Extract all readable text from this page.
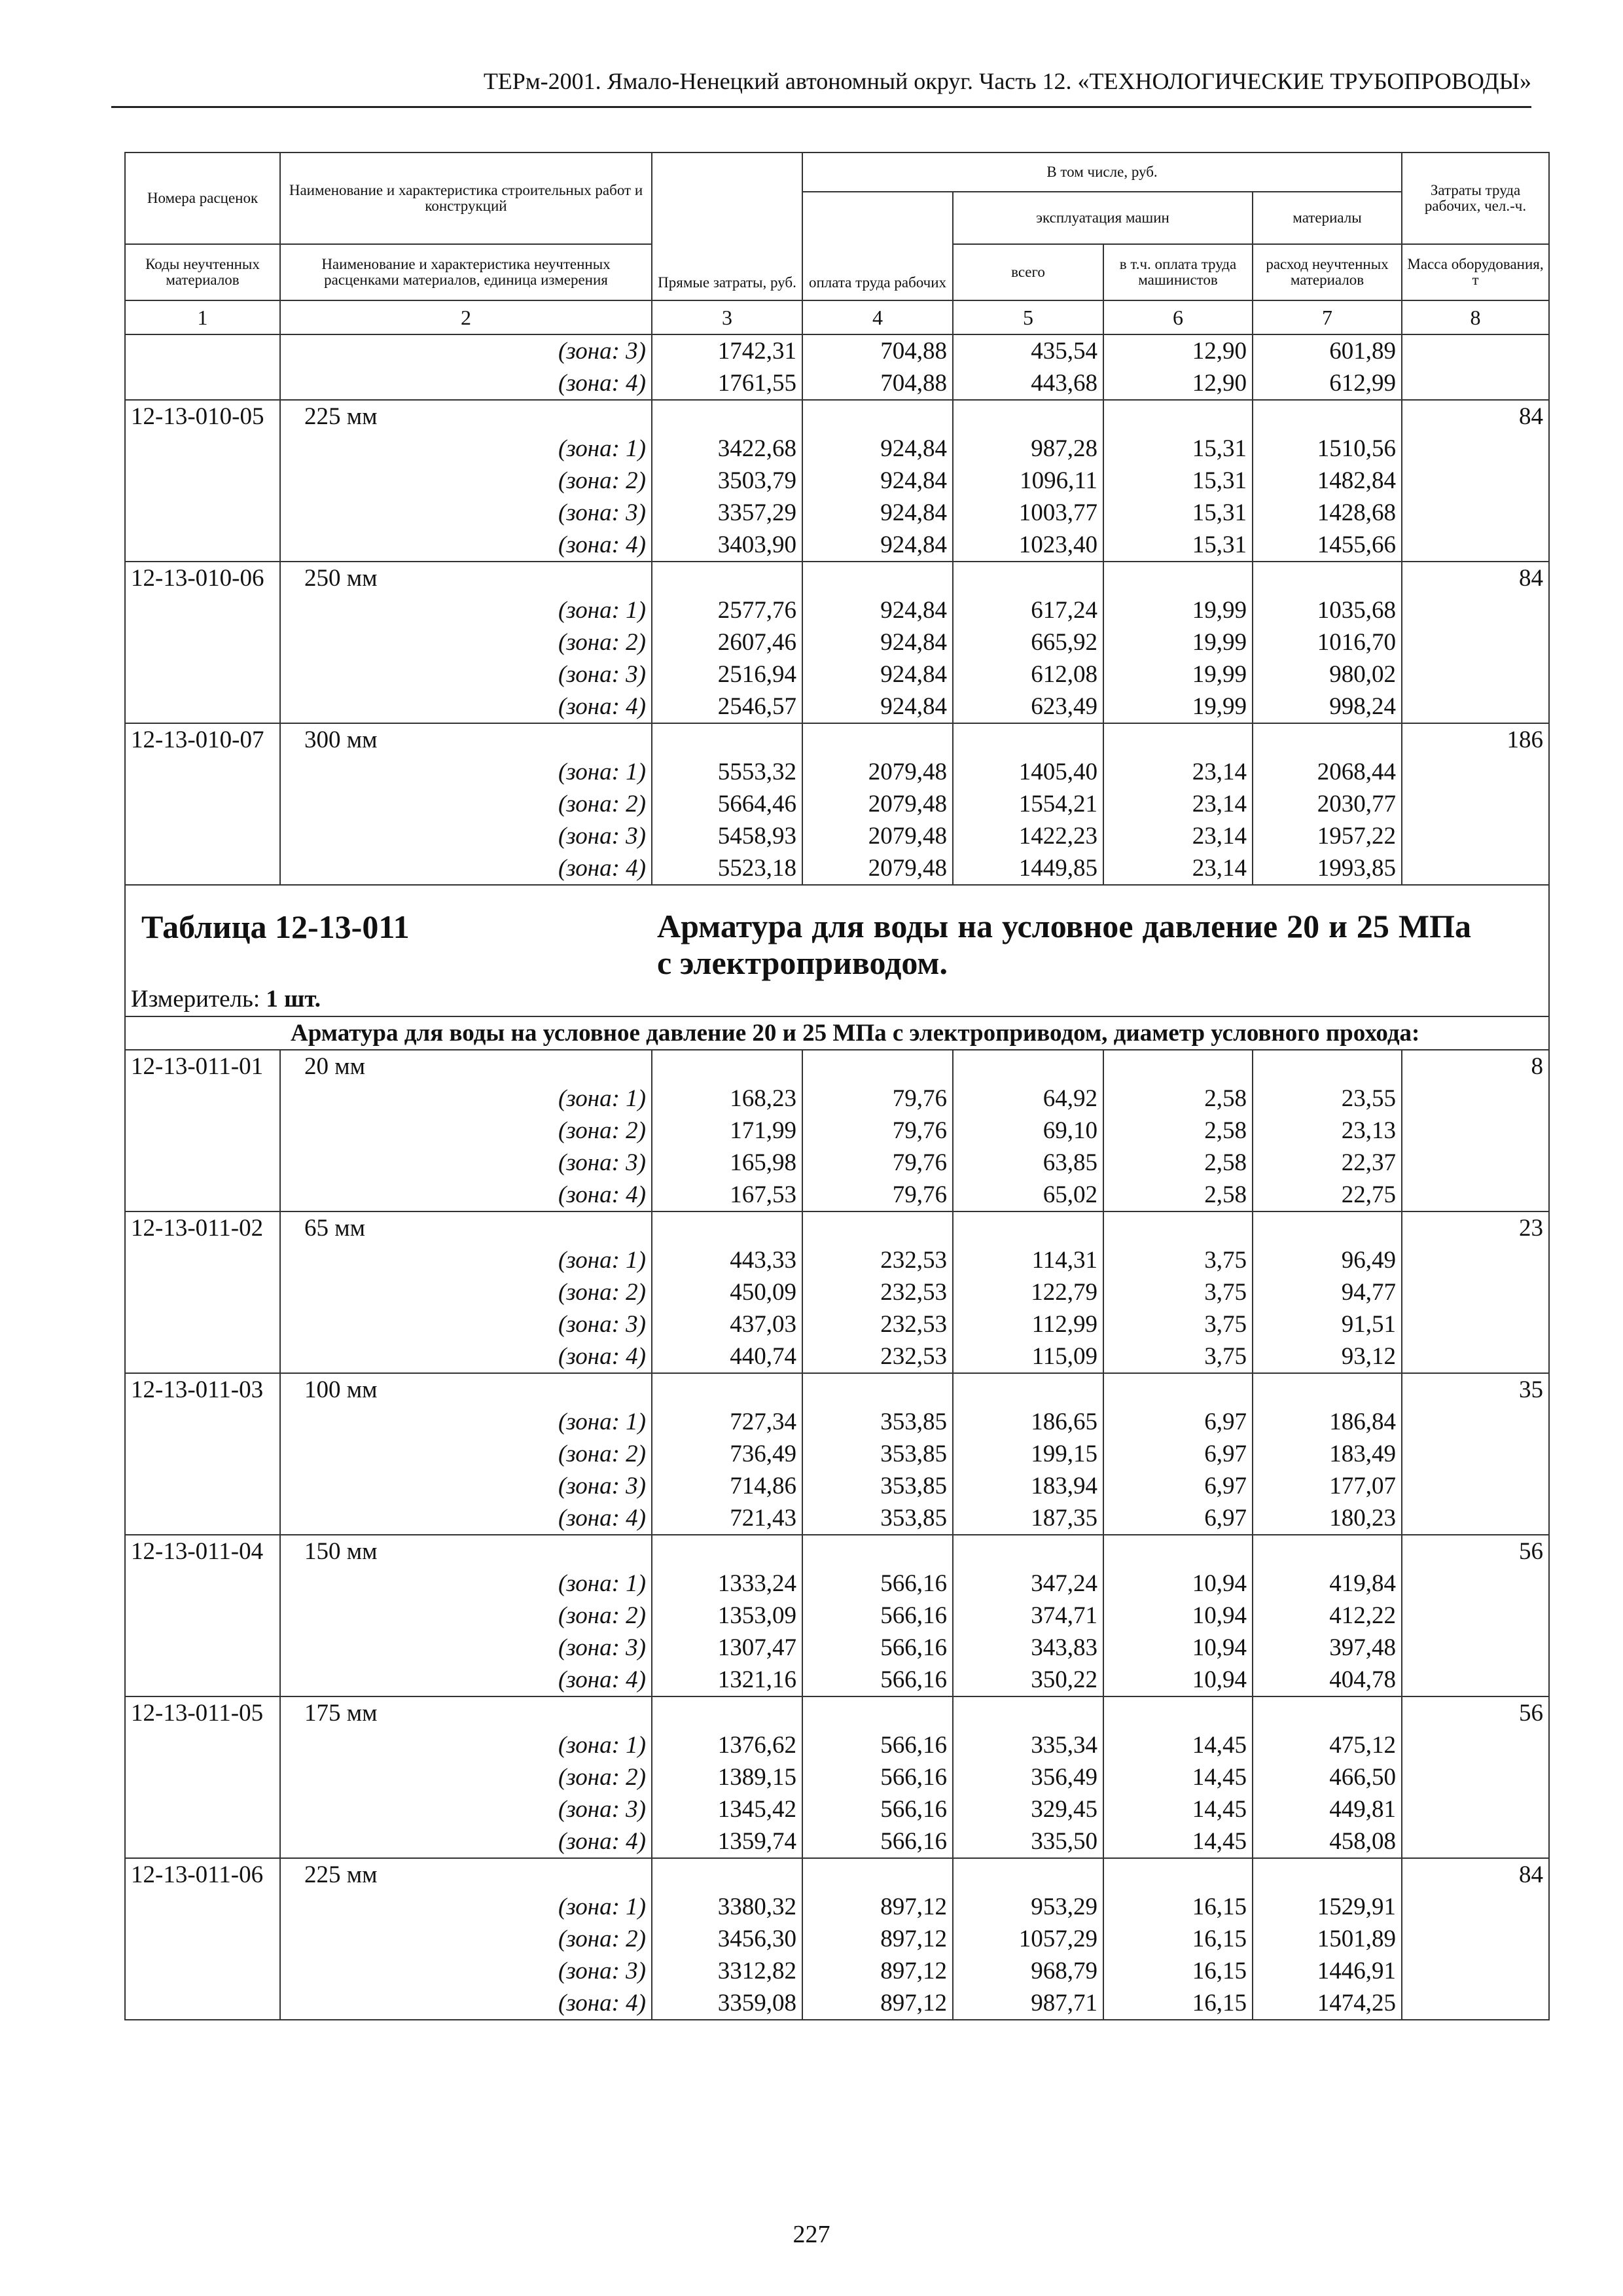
ТЕРм-2001. Ямало-Ненецкий автономный округ. Часть 12. «ТЕХНОЛОГИЧЕСКИЕ ТРУБОПРОВОДЫ»
Номера расценок	Наименование и характеристика строительных работ и конструкций	Прямые затраты, руб.	В том числе, руб.				Затраты труда рабочих, чел.-ч.
			оплата труда рабочих	эксплуатация машин		материалы	
Коды неучтенных материалов	Наименование и характеристика неучтенных расценками материалов, единица измерения			всего	в т.ч. оплата труда машинистов	расход неучтенных материалов	Масса оборудования, т
1	2	3	4	5	6	7	8
	(зона: 3)	1742,31	704,88	435,54	12,90	601,89	
	(зона: 4)	1761,55	704,88	443,68	12,90	612,99	
12-13-010-05	225 мм						84
	(зона: 1)	3422,68	924,84	987,28	15,31	1510,56	
	(зона: 2)	3503,79	924,84	1096,11	15,31	1482,84	
	(зона: 3)	3357,29	924,84	1003,77	15,31	1428,68	
	(зона: 4)	3403,90	924,84	1023,40	15,31	1455,66	
12-13-010-06	250 мм						84
	(зона: 1)	2577,76	924,84	617,24	19,99	1035,68	
	(зона: 2)	2607,46	924,84	665,92	19,99	1016,70	
	(зона: 3)	2516,94	924,84	612,08	19,99	980,02	
	(зона: 4)	2546,57	924,84	623,49	19,99	998,24	
12-13-010-07	300 мм						186
	(зона: 1)	5553,32	2079,48	1405,40	23,14	2068,44	
	(зона: 2)	5664,46	2079,48	1554,21	23,14	2030,77	
	(зона: 3)	5458,93	2079,48	1422,23	23,14	1957,22	
	(зона: 4)	5523,18	2079,48	1449,85	23,14	1993,85	
Таблица 12-13-011		Арматура для воды на условное давление 20 и 25 МПа с электроприводом.					

Измеритель: 1 шт.							
	Арматура для воды на условное давление 20 и 25 МПа с электроприводом, диаметр условного прохода:						
12-13-011-01	20 мм						8
	(зона: 1)	168,23	79,76	64,92	2,58	23,55	
	(зона: 2)	171,99	79,76	69,10	2,58	23,13	
	(зона: 3)	165,98	79,76	63,85	2,58	22,37	
	(зона: 4)	167,53	79,76	65,02	2,58	22,75	
12-13-011-02	65 мм						23
	(зона: 1)	443,33	232,53	114,31	3,75	96,49	
	(зона: 2)	450,09	232,53	122,79	3,75	94,77	
	(зона: 3)	437,03	232,53	112,99	3,75	91,51	
	(зона: 4)	440,74	232,53	115,09	3,75	93,12	
12-13-011-03	100 мм						35
	(зона: 1)	727,34	353,85	186,65	6,97	186,84	
	(зона: 2)	736,49	353,85	199,15	6,97	183,49	
	(зона: 3)	714,86	353,85	183,94	6,97	177,07	
	(зона: 4)	721,43	353,85	187,35	6,97	180,23	
12-13-011-04	150 мм						56
	(зона: 1)	1333,24	566,16	347,24	10,94	419,84	
	(зона: 2)	1353,09	566,16	374,71	10,94	412,22	
	(зона: 3)	1307,47	566,16	343,83	10,94	397,48	
	(зона: 4)	1321,16	566,16	350,22	10,94	404,78	
12-13-011-05	175 мм						56
	(зона: 1)	1376,62	566,16	335,34	14,45	475,12	
	(зона: 2)	1389,15	566,16	356,49	14,45	466,50	
	(зона: 3)	1345,42	566,16	329,45	14,45	449,81	
	(зона: 4)	1359,74	566,16	335,50	14,45	458,08	
12-13-011-06	225 мм						84
	(зона: 1)	3380,32	897,12	953,29	16,15	1529,91	
	(зона: 2)	3456,30	897,12	1057,29	16,15	1501,89	
	(зона: 3)	3312,82	897,12	968,79	16,15	1446,91	
	(зона: 4)	3359,08	897,12	987,71	16,15	1474,25	
227
